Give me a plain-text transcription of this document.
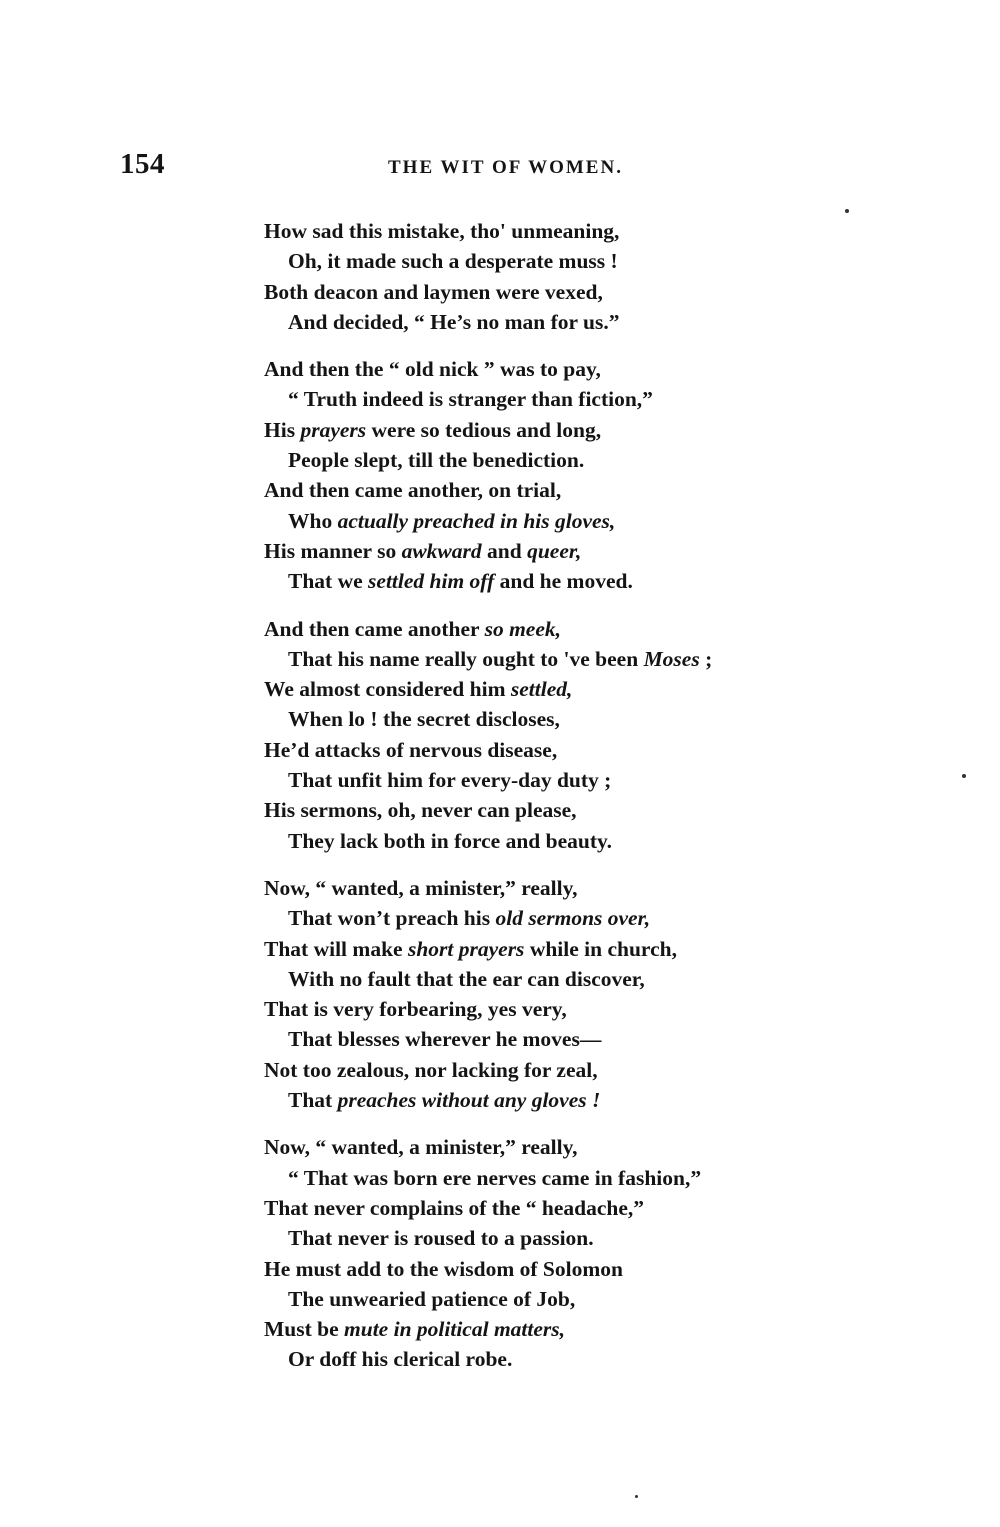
154	THE WIT OF WOMEN.
How sad this mistake, tho' unmeaning,
Oh, it made such a desperate muss !
Both deacon and laymen were vexed,
And decided, “ He’s no man for us.”
And then the “ old nick ” was to pay,
“ Truth indeed is stranger than fiction,”
His prayers were so tedious and long,
People slept, till the benediction.
And then came another, on trial,
Who actually preached in his gloves,
His manner so awkward and queer,
That we settled him off and he moved.
And then came another so meek,
That his name really ought to 've been Moses ;
We almost considered him settled,
When lo ! the secret discloses,
He’d attacks of nervous disease,
That unfit him for every-day duty ;
His sermons, oh, never can please,
They lack both in force and beauty.
Now, “ wanted, a minister,” really,
That won’t preach his old sermons over,
That will make short prayers while in church,
With no fault that the ear can discover,
That is very forbearing, yes very,
That blesses wherever he moves—
Not too zealous, nor lacking for zeal,
That preaches without any gloves !
Now, “ wanted, a minister,” really,
“ That was born ere nerves came in fashion,”
That never complains of the “ headache,”
That never is roused to a passion.
He must add to the wisdom of Solomon
The unwearied patience of Job,
Must be mute in political matters,
Or doff his clerical robe.
